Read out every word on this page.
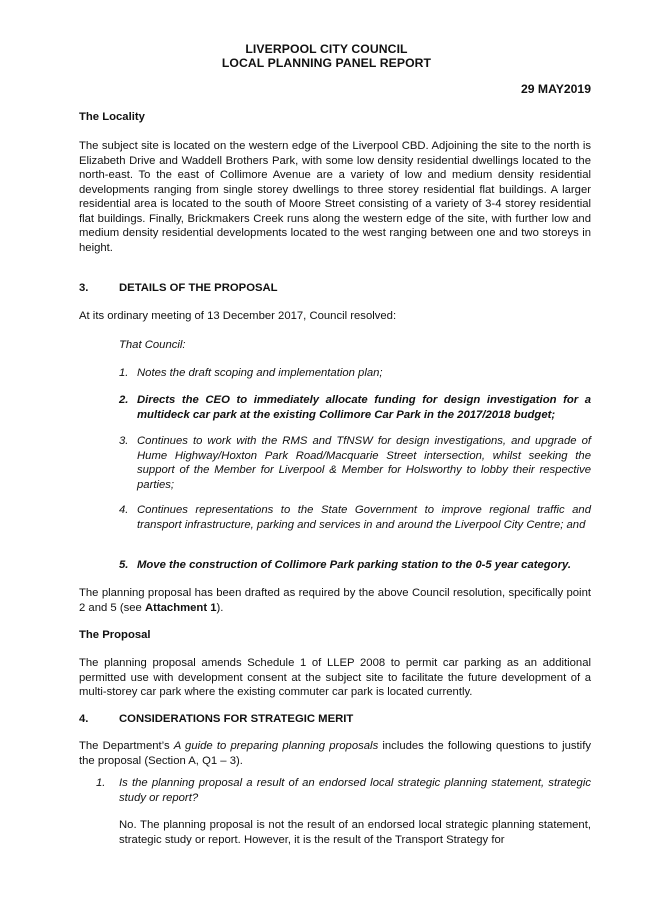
LIVERPOOL CITY COUNCIL
LOCAL PLANNING PANEL REPORT
29 MAY2019
The Locality

The subject site is located on the western edge of the Liverpool CBD. Adjoining the site to the north is Elizabeth Drive and Waddell Brothers Park, with some low density residential dwellings located to the north-east. To the east of Collimore Avenue are a variety of low and medium density residential developments ranging from single storey dwellings to three storey residential flat buildings. A larger residential area is located to the south of Moore Street consisting of a variety of 3-4 storey residential flat buildings. Finally, Brickmakers Creek runs along the western edge of the site, with further low and medium density residential developments located to the west ranging between one and two storeys in height.

3.	DETAILS OF THE PROPOSAL

At its ordinary meeting of 13 December 2017, Council resolved:

That Council:

1. Notes the draft scoping and implementation plan;

2. Directs the CEO to immediately allocate funding for design investigation for a multideck car park at the existing Collimore Car Park in the 2017/2018 budget;

3. Continues to work with the RMS and TfNSW for design investigations, and upgrade of Hume Highway/Hoxton Park Road/Macquarie Street intersection, whilst seeking the support of the Member for Liverpool & Member for Holsworthy to lobby their respective parties;

4. Continues representations to the State Government to improve regional traffic and transport infrastructure, parking and services in and around the Liverpool City Centre; and

5. Move the construction of Collimore Park parking station to the 0-5 year category.

The planning proposal has been drafted as required by the above Council resolution, specifically point 2 and 5 (see Attachment 1).

The Proposal

The planning proposal amends Schedule 1 of LLEP 2008 to permit car parking as an additional permitted use with development consent at the subject site to facilitate the future development of a multi-storey car park where the existing commuter car park is located currently.

4.	CONSIDERATIONS FOR STRATEGIC MERIT

The Department’s A guide to preparing planning proposals includes the following questions to justify the proposal (Section A, Q1 – 3).

1.	Is the planning proposal a result of an endorsed local strategic planning statement, strategic study or report?

No. The planning proposal is not the result of an endorsed local strategic planning statement, strategic study or report. However, it is the result of the Transport Strategy for
